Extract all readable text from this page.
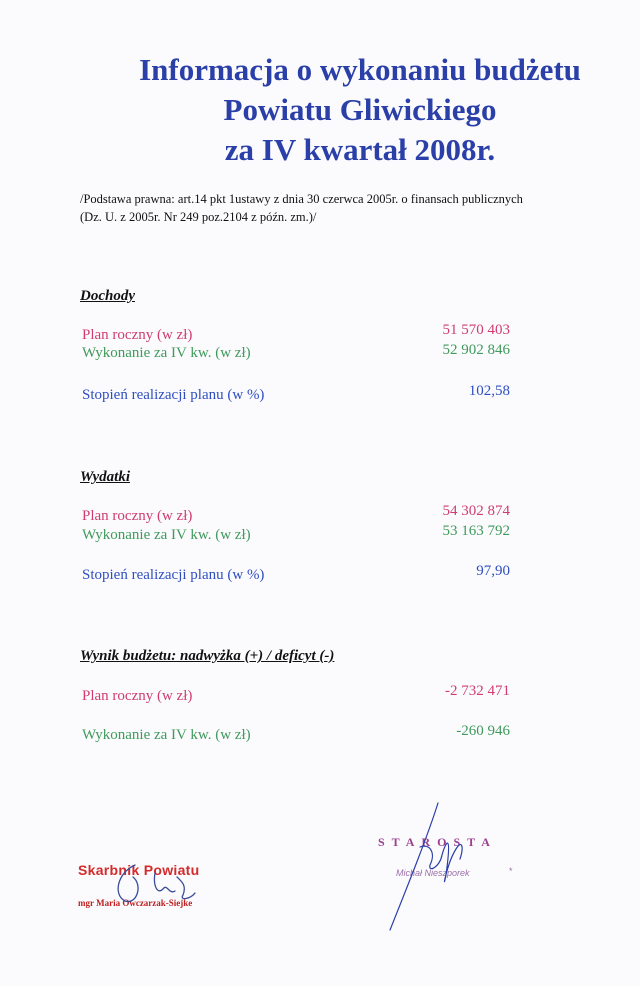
Informacja o wykonaniu budżetu
Powiatu Gliwickiego
za IV kwartał 2008r.
/Podstawa prawna: art.14 pkt 1ustawy z dnia 30 czerwca 2005r. o finansach publicznych
(Dz. U. z 2005r. Nr 249 poz.2104 z późn. zm.)/
Dochody
Plan roczny (w zł)	51 570 403
Wykonanie za IV kw. (w zł)	52 902 846
Stopień realizacji planu (w %)	102,58
Wydatki
Plan roczny (w zł)	54 302 874
Wykonanie za IV kw. (w zł)	53 163 792
Stopień realizacji planu (w %)	97,90
Wynik budżetu: nadwyżka (+) / deficyt (-)
Plan roczny (w zł)	-2 732 471
Wykonanie za IV kw. (w zł)	-260 946
Skarbnik Powiatu
mgr Maria Owczarzak-Siejke
STAROSTA
Michał Nieszporek	*
